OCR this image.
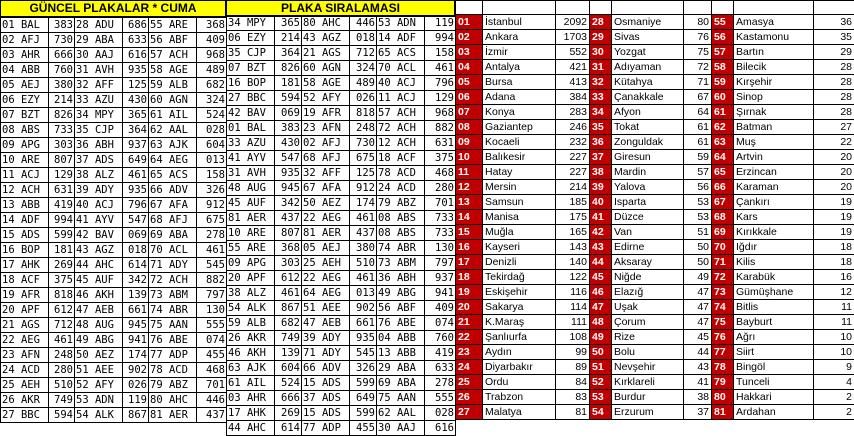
GÜNCEL PLAKALAR * CUMA	PLAKA SIRALAMASI
01 BAL	383	28 ADU	686	55 ARE	368
02 AFJ	730	29 ABA	633	56 ABF	409
03 AHR	666	30 AAJ	616	57 ACH	968
04 ABB	760	31 AVH	935	58 AGE	489
05 AEJ	380	32 AFF	125	59 ALB	682
06 EZY	214	33 AZU	430	60 AGN	324
07 BZT	826	34 MPY	365	61 AIL	524
08 ABS	733	35 CJP	364	62 AAL	028
09 APG	303	36 ABH	937	63 AJK	604
10 ARE	807	37 ADS	649	64 AEG	013
11 ACJ	129	38 ALZ	461	65 ACS	158
12 ACH	631	39 ADY	935	66 ADV	326
13 ABB	419	40 ACJ	796	67 AFA	912
14 ADF	994	41 AYV	547	68 AFJ	675
15 ADS	599	42 BAV	069	69 ABA	278
16 BOP	181	43 AGZ	018	70 ACL	461
17 AHK	269	44 AHC	614	71 ADY	545
18 ACF	375	45 AUF	342	72 ACH	882
19 AFR	818	46 AKH	139	73 ABM	797
20 APF	612	47 AEB	661	74 ABR	130
21 AGS	712	48 AUG	945	75 AAN	555
22 AEG	461	49 ABG	941	76 ABE	074
23 AFN	248	50 AEZ	174	77 ADP	455
24 ACD	280	51 AEE	902	78 ACD	468
25 AEH	510	52 AFY	026	79 ABZ	701
26 AKR	749	53 ADN	119	80 AHC	446
27 BBC	594	54 ALK	867	81 AER	437
34 MPY	365	80 AHC	446	53 ADN	119
06 EZY	214	43 AGZ	018	14 ADF	994
35 CJP	364	21 AGS	712	65 ACS	158
07 BZT	826	60 AGN	324	70 ACL	461
16 BOP	181	58 AGE	489	40 ACJ	796
27 BBC	594	52 AFY	026	11 ACJ	129
42 BAV	069	19 AFR	818	57 ACH	968
01 BAL	383	23 AFN	248	72 ACH	882
33 AZU	430	02 AFJ	730	12 ACH	631
41 AYV	547	68 AFJ	675	18 ACF	375
31 AVH	935	32 AFF	125	78 ACD	468
48 AUG	945	67 AFA	912	24 ACD	280
45 AUF	342	50 AEZ	174	79 ABZ	701
81 AER	437	22 AEG	461	08 ABS	733
10 ARE	807	81 AER	437	08 ABS	733
55 ARE	368	05 AEJ	380	74 ABR	130
09 APG	303	25 AEH	510	73 ABM	797
20 APF	612	22 AEG	461	36 ABH	937
38 ALZ	461	64 AEG	013	49 ABG	941
54 ALK	867	51 AEE	902	56 ABF	409
59 ALB	682	47 AEB	661	76 ABE	074
26 AKR	749	39 ADY	935	04 ABB	760
46 AKH	139	71 ADY	545	13 ABB	419
63 AJK	604	66 ADV	326	29 ABA	633
61 AIL	524	15 ADS	599	69 ABA	278
03 AHR	666	37 ADS	649	75 AAN	555
17 AHK	269	15 ADS	599	62 AAL	028
44 AHC	614	77 ADP	455	30 AAJ	616

01	İstanbul	2092	28	Osmaniye	80	55	Amasya	36
02	Ankara	1703	29	Sivas	76	56	Kastamonu	35
03	İzmir	552	30	Yozgat	75	57	Bartın	29
04	Antalya	421	31	Adıyaman	72	58	Bilecik	28
05	Bursa	413	32	Kütahya	71	59	Kırşehir	28
06	Adana	384	33	Çanakkale	67	60	Sinop	28
07	Konya	283	34	Afyon	64	61	Şırnak	28
08	Gaziantep	246	35	Tokat	61	62	Batman	27
09	Kocaeli	232	36	Zonguldak	61	63	Muş	22
10	Balıkesir	227	37	Giresun	59	64	Artvin	20
11	Hatay	227	38	Mardin	57	65	Erzincan	20
12	Mersin	214	39	Yalova	56	66	Karaman	20
13	Samsun	185	40	Isparta	53	67	Çankırı	19
14	Manisa	175	41	Düzce	53	68	Kars	19
15	Muğla	165	42	Van	51	69	Kırıkkale	19
16	Kayseri	143	43	Edirne	50	70	Iğdır	18
17	Denizli	140	44	Aksaray	50	71	Kilis	18
18	Tekirdağ	122	45	Niğde	49	72	Karabük	16
19	Eskişehir	116	46	Elazığ	47	73	Gümüşhane	12
20	Sakarya	114	47	Uşak	47	74	Bitlis	11
21	K.Maraş	111	48	Çorum	47	75	Bayburt	11
22	Şanlıurfa	108	49	Rize	45	76	Ağrı	10
23	Aydın	99	50	Bolu	44	77	Siirt	10
24	Diyarbakır	89	51	Nevşehir	43	78	Bingöl	9
25	Ordu	84	52	Kırklareli	41	79	Tunceli	4
26	Trabzon	83	53	Burdur	38	80	Hakkari	2
27	Malatya	81	54	Erzurum	37	81	Ardahan	2
